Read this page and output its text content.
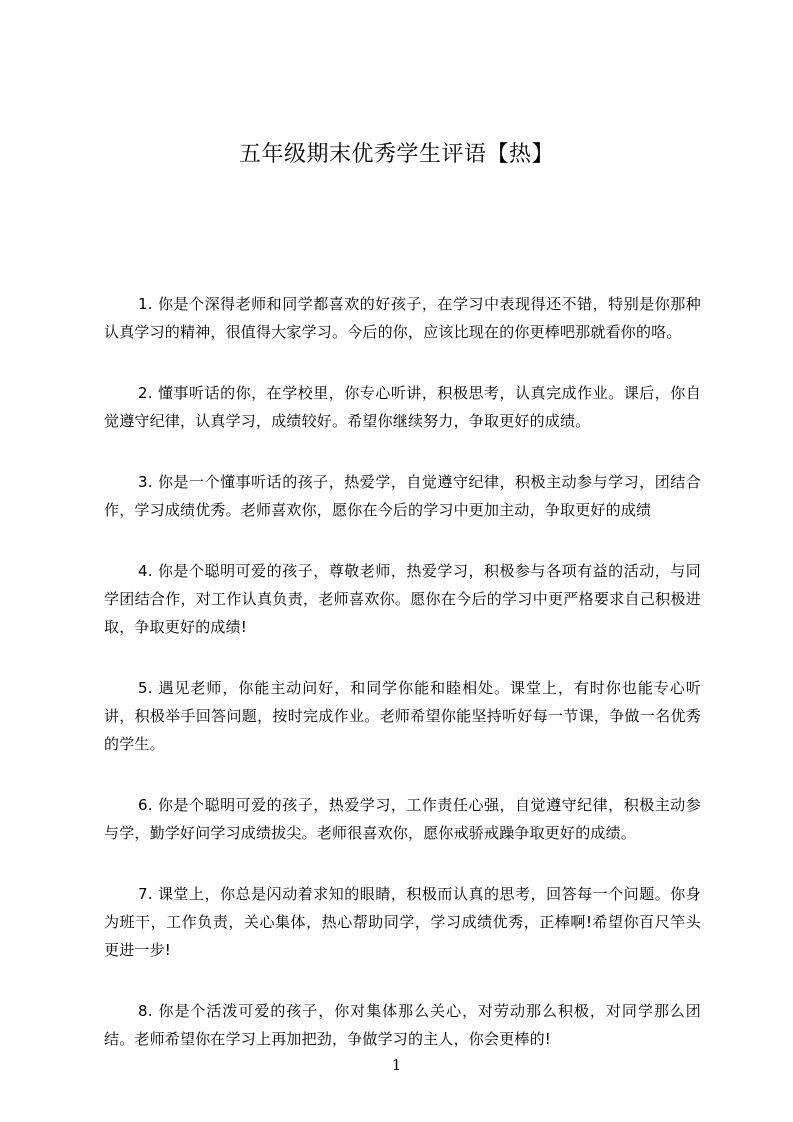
五年级期末优秀学生评语【热】

1. 你是个深得老师和同学都喜欢的好孩子，在学习中表现得还不错，特别是你那种认真学习的精神，很值得大家学习。今后的你，应该比现在的你更棒吧那就看你的咯。

2. 懂事听话的你，在学校里，你专心听讲，积极思考，认真完成作业。课后，你自觉遵守纪律，认真学习，成绩较好。希望你继续努力，争取更好的成绩。

3. 你是一个懂事听话的孩子，热爱学，自觉遵守纪律，积极主动参与学习，团结合作，学习成绩优秀。老师喜欢你，愿你在今后的学习中更加主动，争取更好的成绩

4. 你是个聪明可爱的孩子，尊敬老师，热爱学习，积极参与各项有益的活动，与同学团结合作，对工作认真负责，老师喜欢你。愿你在今后的学习中更严格要求自己积极进取，争取更好的成绩!

5. 遇见老师，你能主动问好，和同学你能和睦相处。课堂上，有时你也能专心听讲，积极举手回答问题，按时完成作业。老师希望你能坚持听好每一节课，争做一名优秀的学生。

6. 你是个聪明可爱的孩子，热爱学习，工作责任心强，自觉遵守纪律，积极主动参与学，勤学好问学习成绩拔尖。老师很喜欢你，愿你戒骄戒躁争取更好的成绩。

7. 课堂上，你总是闪动着求知的眼睛，积极而认真的思考，回答每一个问题。你身为班干，工作负责，关心集体，热心帮助同学，学习成绩优秀，正棒啊!希望你百尺竿头更进一步!

8. 你是个活泼可爱的孩子，你对集体那么关心，对劳动那么积极，对同学那么团结。老师希望你在学习上再加把劲，争做学习的主人，你会更棒的!

1
